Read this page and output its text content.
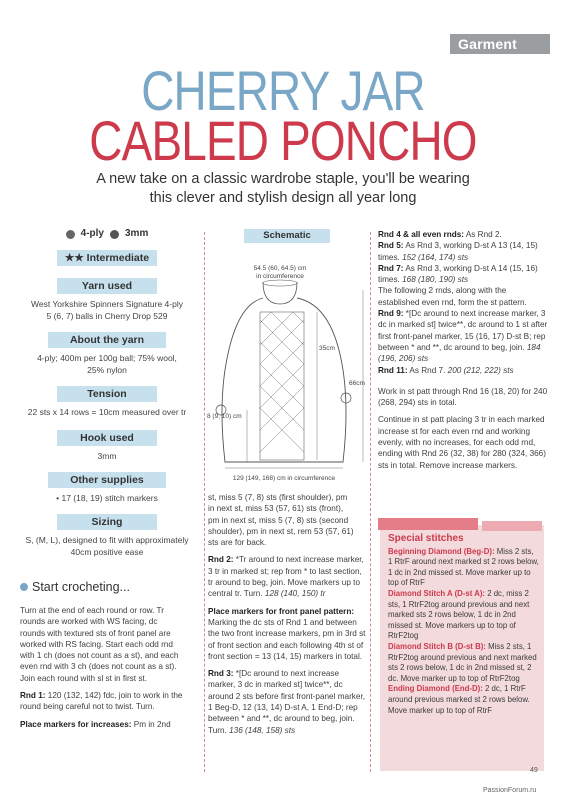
Garment
CHERRY JAR
CABLED PONCHO
A new take on a classic wardrobe staple, you'll be wearing
this clever and stylish design all year long
4-ply 3mm
★★ Intermediate
Yarn used

West Yorkshire Spinners Signature 4-ply
5 (6, 7) balls in Cherry Drop 529

About the yarn

4-ply; 400m per 100g ball; 75% wool,
25% nylon

Tension

22 sts x 14 rows = 10cm measured over tr

Hook used

3mm

Other supplies

• 17 (18, 19) stitch markers

Sizing

S, (M, L), designed to fit with approximately
40cm positive ease

Start crocheting...

Turn at the end of each round or row. Tr
rounds are worked with WS facing, dc
rounds with textured sts of front panel are
worked with RS facing. Start each odd rnd
with 1 ch (does not count as a st), and each
even rnd with 3 ch (does not count as a st).
Join each round with sl st in first st.

Rnd 1: 120 (132, 142) fdc, join to work in the round being careful not to twist. Turn.

Place markers for increases: Pm in 2nd

Schematic
54.5 (60, 64.5) cm
in circumference
35cm
66cm
8 (9, 10) cm
129 (149, 168) cm in circumference

st, miss 5 (7, 8) sts (first shoulder), pm
in next st, miss 53 (57, 61) sts (front),
pm in next st, miss 5 (7, 8) sts (second
shoulder), pm in next st, rem 53 (57, 61)
sts are for back.

Rnd 2: *Tr around to next increase marker, 3 tr in marked st; rep from * to last section, tr around to beg, join. Move markers up to central tr. Turn. 128 (140, 150) tr

Place markers for front panel pattern: Marking the dc sts of Rnd 1 and between the two front increase markers, pm in 3rd st of front section and each following 4th st of front section = 13 (14, 15) markers in total.

Rnd 3: *[Dc around to next increase marker, 3 dc in marked st] twice**, dc around 2 sts before first front-panel marker, 1 Beg-D, 12 (13, 14) D-st A, 1 End-D; rep between * and **, dc around to beg, join. Turn. 136 (148, 158) sts

Rnd 4 & all even rnds: As Rnd 2.

Rnd 5: As Rnd 3, working D-st A 13 (14, 15) times. 152 (164, 174) sts

Rnd 7: As Rnd 3, working D-st A 14 (15, 16) times. 168 (180, 190) sts

The following 2 rnds, along with the established even rnd, form the st pattern.

Rnd 9: *[Dc around to next increase marker, 3 dc in marked st] twice**, dc around to 1 st after first front-panel marker, 15 (16, 17) D-st B; rep between * and **, dc around to beg, join. 184 (196, 206) sts

Rnd 11: As Rnd 7. 200 (212, 222) sts

Work in st patt through Rnd 16 (18, 20) for 240 (268, 294) sts in total.

Continue in st patt placing 3 tr in each marked increase st for each even rnd and working evenly, with no increases, for each odd rnd, ending with Rnd 26 (32, 38) for 280 (324, 366) sts in total. Remove increase markers.

Special stitches
Beginning Diamond (Beg-D): Miss 2 sts, 1 RtrF around next marked st 2 rows below, 1 dc in 2nd missed st. Move marker up to top of RtrF
Diamond Stitch A (D-st A): 2 dc, miss 2 sts, 1 RtrF2tog around previous and next marked sts 2 rows below, 1 dc in 2nd missed st. Move markers up to top of RtrF2tog
Diamond Stitch B (D-st B): Miss 2 sts, 1 RtrF2tog around previous and next marked sts 2 rows below, 1 dc in 2nd missed st, 2 dc. Move marker up to top of RtrF2tog
Ending Diamond (End-D): 2 dc, 1 RtrF around previous marked st 2 rows below. Move marker up to top of RtrF
49
PassionForum.ru
